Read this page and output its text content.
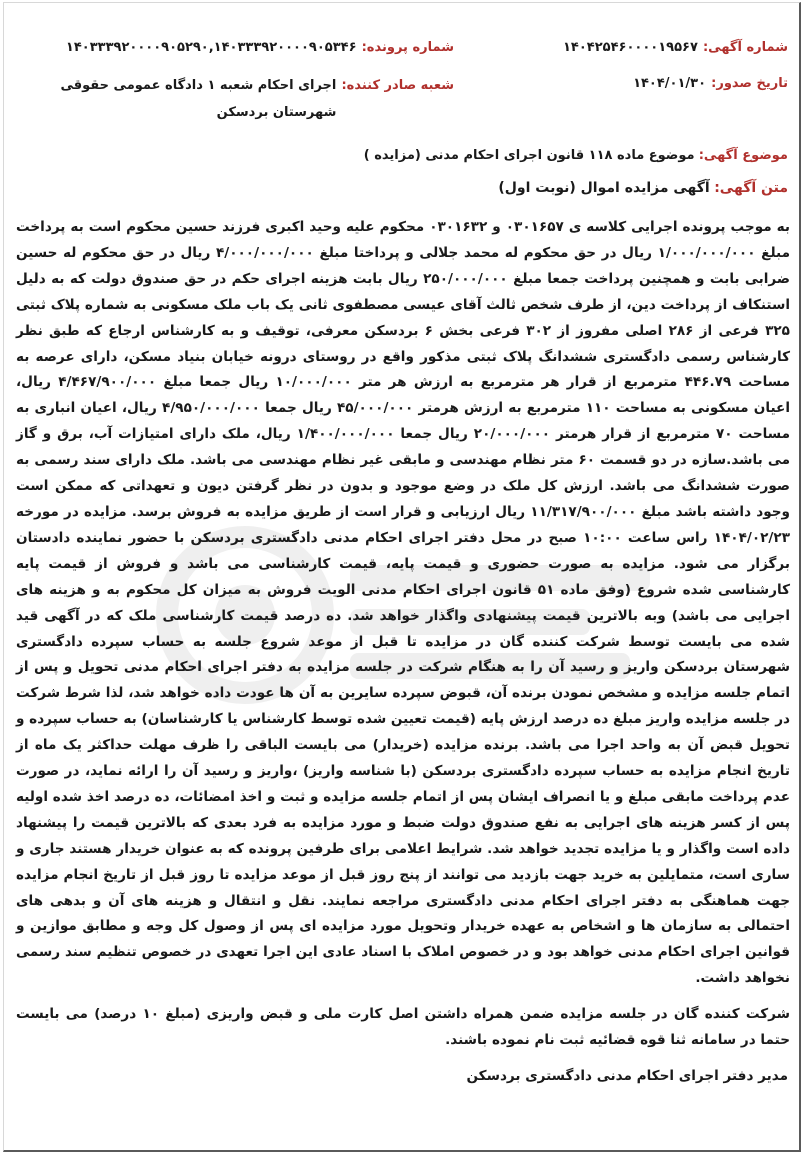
شماره آگهی: ۱۴۰۴۲۵۴۶۰۰۰۰۱۹۵۶۷
شماره پرونده: ۱۴۰۳۳۳۹۲۰۰۰۰۹۰۵۲۹۰,۱۴۰۳۳۳۹۲۰۰۰۰۹۰۵۳۴۶
تاریخ صدور: ۱۴۰۴/۰۱/۳۰
$^{شعبه صادر کننده:}$ اجرای احکام شعبه ۱ دادگاه عمومی حقوقی شهرستان بردسکن
موضوع آگهی: موضوع ماده ۱۱۸ قانون اجرای احکام مدنی (مزایده )
متن آگهی: آگهی مزایده اموال (نوبت اول)

به موجب پرونده اجرایی کلاسه ی ۰۳۰۱۶۵۷ و ۰۳۰۱۶۳۲ محکوم علیه وحید اکبری فرزند حسین محکوم است به پرداخت مبلغ ۱/۰۰۰/۰۰۰/۰۰۰ ریال در حق محکوم له محمد جلالی و پرداختا مبلغ ۴/۰۰۰/۰۰۰/۰۰۰ ریال در حق محکوم له حسین ضرابی بابت و همچنین پرداخت جمعا مبلغ ۲۵۰/۰۰۰/۰۰۰ ریال بابت هزینه اجرای حکم در حق صندوق دولت که به دلیل استنکاف از پرداخت دین، از طرف شخص ثالث آقای عیسی مصطفوی ثانی یک باب ملک مسکونی به شماره پلاک ثبتی ۳۲۵ فرعی از ۲۸۶ اصلی مفروز از ۳۰۲ فرعی بخش ۶ بردسکن معرفی، توقیف و به کارشناس ارجاع که طبق نظر کارشناس رسمی دادگستری ششدانگ پلاک ثبتی مذکور واقع در روستای درونه خیابان بنیاد مسکن، دارای عرصه به مساحت ۴۴۶.۷۹ مترمربع از قرار هر مترمربع به ارزش هر متر ۱۰/۰۰۰/۰۰۰ ریال جمعا مبلغ ۴/۴۶۷/۹۰۰/۰۰۰ ریال، اعیان مسکونی به مساحت ۱۱۰ مترمربع به ارزش هرمتر ۴۵/۰۰۰/۰۰۰ ریال جمعا ۴/۹۵۰/۰۰۰/۰۰۰ ریال، اعیان انباری به مساحت ۷۰ مترمربع از قرار هرمتر ۲۰/۰۰۰/۰۰۰ ریال جمعا ۱/۴۰۰/۰۰۰/۰۰۰ ریال، ملک دارای امتیازات آب، برق و گاز می باشد.سازه در دو قسمت ۶۰ متر نظام مهندسی و مابقی غیر نظام مهندسی می باشد. ملک دارای سند رسمی به صورت ششدانگ می باشد. ارزش کل ملک در وضع موجود و بدون در نظر گرفتن دیون و تعهداتی که ممکن است وجود داشته باشد مبلغ ۱۱/۳۱۷/۹۰۰/۰۰۰ ریال ارزیابی و قرار است از طریق مزایده به فروش برسد. مزایده در مورخه ۱۴۰۴/۰۲/۲۳ راس ساعت ۱۰:۰۰ صبح در محل دفتر اجرای احکام مدنی دادگستری بردسکن با حضور نماینده دادستان برگزار می شود. مزایده به صورت حضوری و قیمت پایه، قیمت کارشناسی می باشد و فروش از قیمت پایه کارشناسی شده شروع (وفق ماده ۵۱ قانون اجرای احکام مدنی الویت فروش به میزان کل محکوم به و هزینه های اجرایی می باشد) وبه بالاترین قیمت پیشنهادی واگذار خواهد شد. ده درصد قیمت کارشناسی ملک که در آگهی قید شده می بایست توسط شرکت کننده گان در مزایده تا قبل از موعد شروع جلسه به حساب سپرده دادگستری شهرستان بردسکن واریز و رسید آن را به هنگام شرکت در جلسه مزایده به دفتر اجرای احکام مدنی تحویل و پس از اتمام جلسه مزایده و مشخص نمودن برنده آن، قبوض سپرده سایرین به آن ها عودت داده خواهد شد، لذا شرط شرکت در جلسه مزایده واریز مبلغ ده درصد ارزش پایه (قیمت تعیین شده توسط کارشناس یا کارشناسان) به حساب سپرده و تحویل قبض آن به واحد اجرا می باشد. برنده مزایده (خریدار) می بایست الباقی را ظرف مهلت حداکثر یک ماه از تاریخ انجام مزایده به حساب سپرده دادگستری بردسکن (با شناسه واریز) ،واریز و رسید آن را ارائه نماید، در صورت عدم پرداخت مابقی مبلغ و یا انصراف ایشان پس از اتمام جلسه مزایده و ثبت و اخذ امضائات، ده درصد اخذ شده اولیه پس از کسر هزینه های اجرایی به نفع صندوق دولت ضبط و مورد مزایده به فرد بعدی که بالاترین قیمت را پیشنهاد داده است واگذار و یا مزایده تجدید خواهد شد. شرایط اعلامی برای طرفین پرونده که به عنوان خریدار هستند جاری و ساری است، متمایلین به خرید جهت بازدید می توانند از پنج روز قبل از موعد مزایده تا روز قبل از تاریخ انجام مزایده جهت هماهنگی به دفتر اجرای احکام مدنی دادگستری مراجعه نمایند. نقل و انتقال و هزینه های آن و بدهی های احتمالی به سازمان ها و اشخاص به عهده خریدار وتحویل مورد مزایده ای پس از وصول کل وجه و مطابق موازین و قوانین اجرای احکام مدنی خواهد بود و در خصوص املاک با اسناد عادی این اجرا تعهدی در خصوص تنظیم سند رسمی نخواهد داشت.

شرکت کننده گان در جلسه مزایده ضمن همراه داشتن اصل کارت ملی و قبض واریزی (مبلغ ۱۰ درصد) می بایست حتما در سامانه ثنا قوه قضائیه ثبت نام نموده باشند.

مدیر دفتر اجرای احکام مدنی دادگستری بردسکن
